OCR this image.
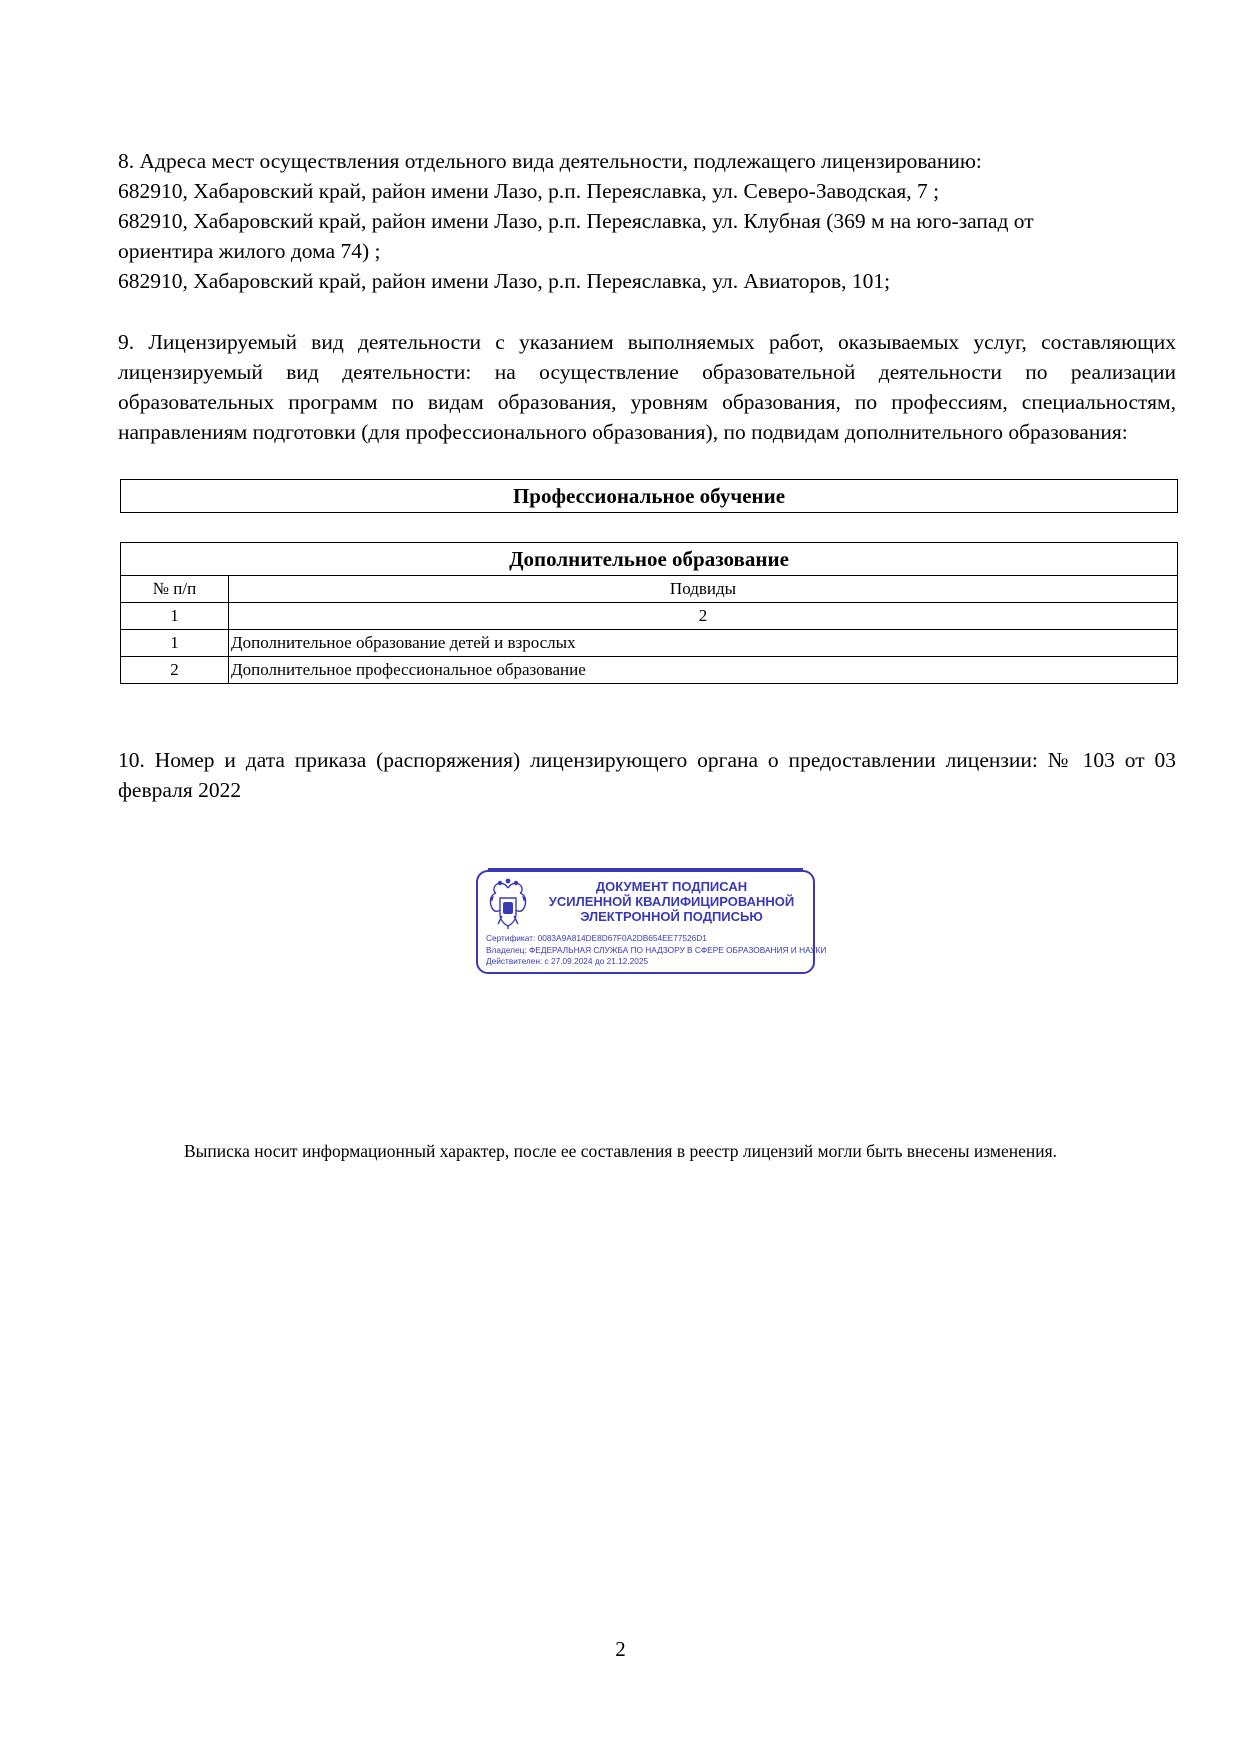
8. Адреса мест осуществления отдельного вида деятельности, подлежащего лицензированию:
682910, Хабаровский край, район имени Лазо, р.п. Переяславка, ул. Северо-Заводская, 7 ;
682910, Хабаровский край, район имени Лазо, р.п. Переяславка, ул. Клубная (369 м на юго-запад от
ориентира жилого дома 74) ;
682910, Хабаровский край, район имени Лазо, р.п. Переяславка, ул. Авиаторов, 101;

9. Лицензируемый вид деятельности с указанием выполняемых работ, оказываемых услуг, составляющих лицензируемый вид деятельности: на осуществление образовательной деятельности по реализации образовательных программ по видам образования, уровням образования, по профессиям, специальностям, направлениям подготовки (для профессионального образования), по подвидам дополнительного образования:

Профессиональное обучение
Дополнительное образование	
№ п/п	Подвиды
1	2
1	Дополнительное образование детей и взрослых
2	Дополнительное профессиональное образование

10. Номер и дата приказа (распоряжения) лицензирующего органа о предоставлении лицензии: № 103 от 03 февраля 2022

ДОКУМЕНТ ПОДПИСАН
УСИЛЕННОЙ КВАЛИФИЦИРОВАННОЙ
ЭЛЕКТРОННОЙ ПОДПИСЬЮ
Сертификат: 0083A9A814DE8D67F0A2DB654EE77526D1
Владелец: ФЕДЕРАЛЬНАЯ СЛУЖБА ПО НАДЗОРУ В СФЕРЕ ОБРАЗОВАНИЯ И НАУКИ
Действителен: с 27.09.2024 до 21.12.2025
Выписка носит информационный характер, после ее составления в реестр лицензий могли быть внесены изменения.
2
